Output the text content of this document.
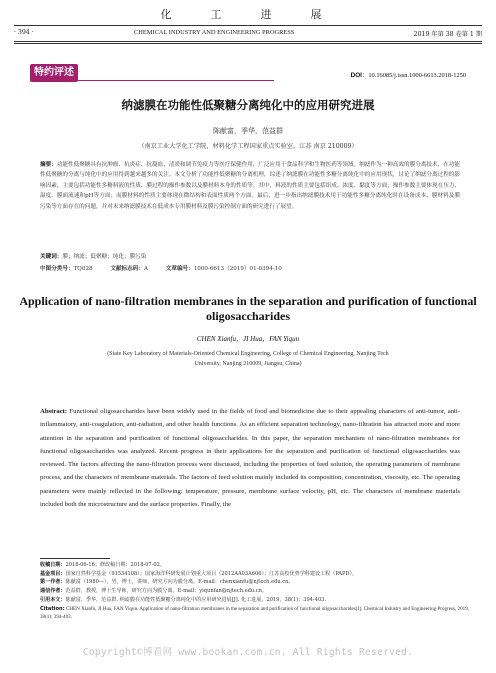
化　工　进　展
· 394 ·	CHEMICAL INDUSTRY AND ENGINEERING PROGRESS	2019 年第 38 卷第 1 期
特约评述	DOI：10.16085/j.issn.1000-6613.2018-1250
纳滤膜在功能性低聚糖分离纯化中的应用研究进展
陈献富，季华，范益群
（南京工业大学化工学院，材料化学工程国家重点实验室，江苏 南京 210009）
摘要：功能性低聚糖具有抗肿瘤、抗炎症、抗凝血、清炎和调节免疫力等医疗保健作用，广泛应用于食品科学和生物医药等领域。纳滤作为一种高效的膜分离技术，在功能性低聚糖的分离与纯化中的应用得到越来越多的关注。本文分析了功能性低聚糖的分离机理，综述了纳滤膜在功能性多糖分离纯化中的应用现状，讨论了纳滤分离过程的影响因素，主要包括功能性多糖料液的性质、膜过程的操作参数以及膜材料本身的性质等。其中，料液的性质主要包括组成、浓度、黏度等方面；操作参数主要体现在压力、温度、膜面流速和pH等方面；而膜材料的性质主要体现在微结构和表面性质两个方面。最后，进一步指出纳滤膜技术用于功能性多糖分离纯化时在设备成本、膜材料及膜污染等方面存在的问题，并对未来纳滤膜技术在低成本专用膜材料及膜污染控制方面的研究进行了展望。
关键词：膜；纳滤；低聚糖；纯化；膜污染
中图分类号：TQ028	文献标志码：A	文章编号：1000-6613（2019）01-0394-10
Application of nano-filtration membranes in the separation and purification of functional oligosaccharides
CHEN Xianfu，JI Hua，FAN Yiqun
(State Key Laboratory of Materials-Oriented Chemical Engineering, College of Chemical Engineering, Nanjing Tech University, Nanjing 210009, Jiangsu, China)
Abstract: Functional oligosaccharides have been widely used in the fields of food and biomedicine due to their appealing characters of anti-tumor, anti-inflammatory, anti-coagulation, anti-radiation, and other health functions. As an efficient separation technology, nano-filtration has attracted more and more attention in the separation and purification of functional oligosaccharides. In this paper, the separation mechanism of nano-filtration membranes for functional oligosaccharides was analyzed. Recent progress in their applications for the separation and purification of functional oligosaccharides was reviewed. The factors affecting the nano-filtration process were discussed, including the properties of feed solution, the operating parameters of membrane process, and the characters of membrane materials. The factors of feed solution mainly included its composition, concentration, viscosity, etc. The operating parameters were mainly reflected in the following: temperature, pressure, membrane surface velocity, pH, etc. The characters of membrane materials included both the microstructure and the surface properties. Finally, the
收稿日期：2018-06-16；修改稿日期：2018-07-02。
基金项目：国家自然科学基金（91534108）；国家海洋科研发展计划重大项目（2012AA03A606）；江苏高校优势学科建设工程（PAPD）。
第一作者：陈献富（1980—），男，博士，讲师，研究方向为膜分离。E-mail：chenxianfu@njtech.edu.cn。
通信作者：范益群，教授，博士生导师，研究方向为膜分离。E-mail：yiqunfan@njtech.edu.cn。
引用本文：陈献富，季华，范益群. 纳滤膜在功能性低聚糖分离纯化中的应用研究进展[J]. 化工进展，2019，38(1)：394-403.
Citation: CHEN Xianfu, JI Hua, FAN Yiqun. Application of nano-filtration membranes in the separation and purification of functional oligosaccharides[J]. Chemical Industry and Engineering Progress, 2019, 38(1): 394-403.
Copyright©博看网 www.bookan.com.cn. All Rights Reserved.
